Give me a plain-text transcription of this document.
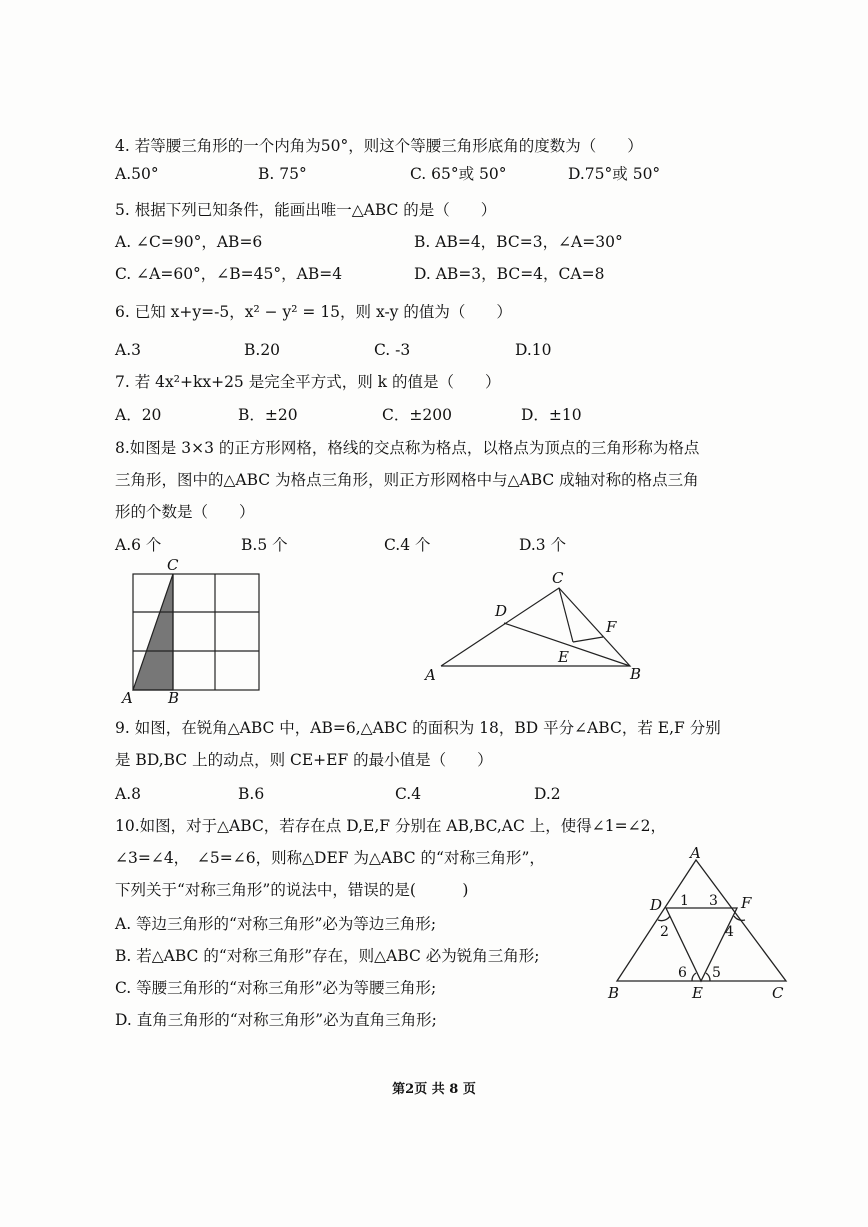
4. 若等腰三角形的一个内角为50°，则这个等腰三角形底角的度数为（　　）
A.50°	B. 75°	C. 65°或 50°	D.75°或 50°
5. 根据下列已知条件，能画出唯一△ABC 的是（　　）
A. ∠C=90°，AB=6	B. AB=4，BC=3，∠A=30°
C. ∠A=60°，∠B=45°，AB=4	D. AB=3，BC=4，CA=8
6. 已知 x+y=-5，x² − y² = 15，则 x-y 的值为（　　）
A.3	B.20	C. -3	D.10
7. 若 4x²+kx+25 是完全平方式，则 k 的值是（　　）
A．20	B．±20	C．±200	D．±10
8.如图是 3×3 的正方形网格，格线的交点称为格点，以格点为顶点的三角形称为格点
三角形，图中的△ABC 为格点三角形，则正方形网格中与△ABC 成轴对称的格点三角
形的个数是（　　）
A.6 个	B.5 个	C.4 个	D.3 个
C
A B
C
D
F
E
A	B
9. 如图，在锐角△ABC 中，AB=6,△ABC 的面积为 18，BD 平分∠ABC，若 E,F 分别
是 BD,BC 上的动点，则 CE+EF 的最小值是（　　）
A.8	B.6	C.4	D.2
10.如图，对于△ABC，若存在点 D,E,F 分别在 AB,BC,AC 上，使得∠1=∠2，
∠3=∠4，　∠5=∠6，则称△DEF 为△ABC 的“对称三角形”，
下列关于“对称三角形”的说法中，错误的是(　　　)
A. 等边三角形的“对称三角形”必为等边三角形;
B. 若△ABC 的“对称三角形”存在，则△ABC 必为锐角三角形;
C. 等腰三角形的“对称三角形”必为等腰三角形;
D. 直角三角形的“对称三角形”必为直角三角形;
A
D	F
B	E	C
1 3
2	4
6 5
第2页 共 8 页
